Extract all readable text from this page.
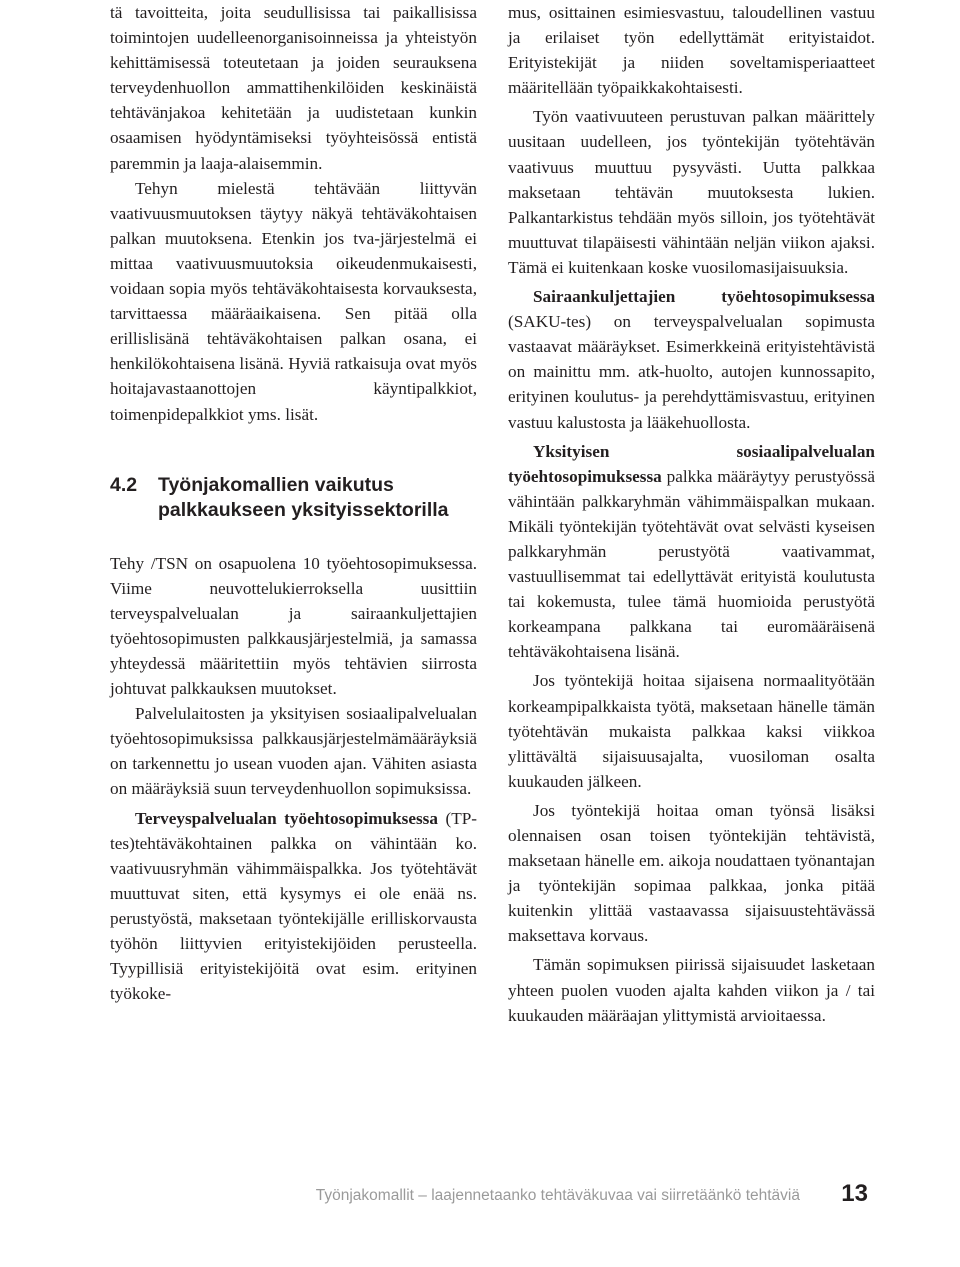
tä tavoitteita, joita seudullisissa tai paikallisissa toimintojen uudelleenorganisoinneissa ja yhteistyön kehittämisessä toteutetaan ja joiden seurauksena terveydenhuollon ammattihenkilöiden keskinäistä tehtävänjakoa kehitetään ja uudistetaan kunkin osaamisen hyödyntämiseksi työyhteisössä entistä paremmin ja laaja-alaisemmin.

Tehyn mielestä tehtävään liittyvän vaativuusmuutoksen täytyy näkyä tehtäväkohtaisen palkan muutoksena. Etenkin jos tva-järjestelmä ei mittaa vaativuusmuutoksia oikeudenmukaisesti, voidaan sopia myös tehtäväkohtaisesta korvauksesta, tarvittaessa määräaikaisena. Sen pitää olla erillislisänä tehtäväkohtaisen palkan osana, ei henkilökohtaisena lisänä. Hyviä ratkaisuja ovat myös hoitajavastaanottojen käyntipalkkiot, toimenpidepalkkiot yms. lisät.

4.2	Työnjakomallien vaikutus palkkaukseen yksityissektorilla

Tehy /TSN on osapuolena 10 työehtosopimuksessa. Viime neuvottelukierroksella uusittiin terveyspalvelualan ja sairaankuljettajien työehtosopimusten palkkausjärjestelmiä, ja samassa yhteydessä määritettiin myös tehtävien siirrosta johtuvat palkkauksen muutokset.

Palvelulaitosten ja yksityisen sosiaalipalvelualan työehtosopimuksissa palkkausjärjestelmämääräyksiä on tarkennettu jo usean vuoden ajan. Vähiten asiasta on määräyksiä suun terveydenhuollon sopimuksissa.

Terveyspalvelualan työehtosopimuksessa (TP-tes)tehtäväkohtainen palkka on vähintään ko. vaativuusryhmän vähimmäispalkka. Jos työtehtävät muuttuvat siten, että kysymys ei ole enää ns. perustyöstä, maksetaan työntekijälle erilliskorvausta työhön liittyvien erityistekijöiden perusteella. Tyypillisiä erityistekijöitä ovat esim. erityinen työkoke-

mus, osittainen esimiesvastuu, taloudellinen vastuu ja erilaiset työn edellyttämät erityistaidot. Erityistekijät ja niiden soveltamisperiaatteet määritellään työpaikkakohtaisesti.

Työn vaativuuteen perustuvan palkan määrittely uusitaan uudelleen, jos työntekijän työtehtävän vaativuus muuttuu pysyvästi. Uutta palkkaa maksetaan tehtävän muutoksesta lukien. Palkantarkistus tehdään myös silloin, jos työtehtävät muuttuvat tilapäisesti vähintään neljän viikon ajaksi. Tämä ei kuitenkaan koske vuosilomasijaisuuksia.

Sairaankuljettajien työehtosopimuksessa (SAKU-tes) on terveyspalvelualan sopimusta vastaavat määräykset. Esimerkkeinä erityistehtävistä on mainittu mm. atk-huolto, autojen kunnossapito, erityinen koulutus- ja perehdyttämisvastuu, erityinen vastuu kalustosta ja lääkehuollosta.

Yksityisen sosiaalipalvelualan työehtosopimuksessa palkka määräytyy perustyössä vähintään palkkaryhmän vähimmäispalkan mukaan. Mikäli työntekijän työtehtävät ovat selvästi kyseisen palkkaryhmän perustyötä vaativammat, vastuullisemmat tai edellyttävät erityistä koulutusta tai kokemusta, tulee tämä huomioida perustyötä korkeampana palkkana tai euromääräisenä tehtäväkohtaisena lisänä.

Jos työntekijä hoitaa sijaisena normaalityötään korkeampipalkkaista työtä, maksetaan hänelle tämän työtehtävän mukaista palkkaa kaksi viikkoa ylittävältä sijaisuusajalta, vuosiloman osalta kuukauden jälkeen.

Jos työntekijä hoitaa oman työnsä lisäksi olennaisen osan toisen työntekijän tehtävistä, maksetaan hänelle em. aikoja noudattaen työnantajan ja työntekijän sopimaa palkkaa, jonka pitää kuitenkin ylittää vastaavassa sijaisuustehtävässä maksettava korvaus.

Tämän sopimuksen piirissä sijaisuudet lasketaan yhteen puolen vuoden ajalta kahden viikon ja / tai kuukauden määräajan ylittymistä arvioitaessa.

Työnjakomallit – laajennetaanko tehtäväkuvaa vai siirretäänkö tehtäviä 13
